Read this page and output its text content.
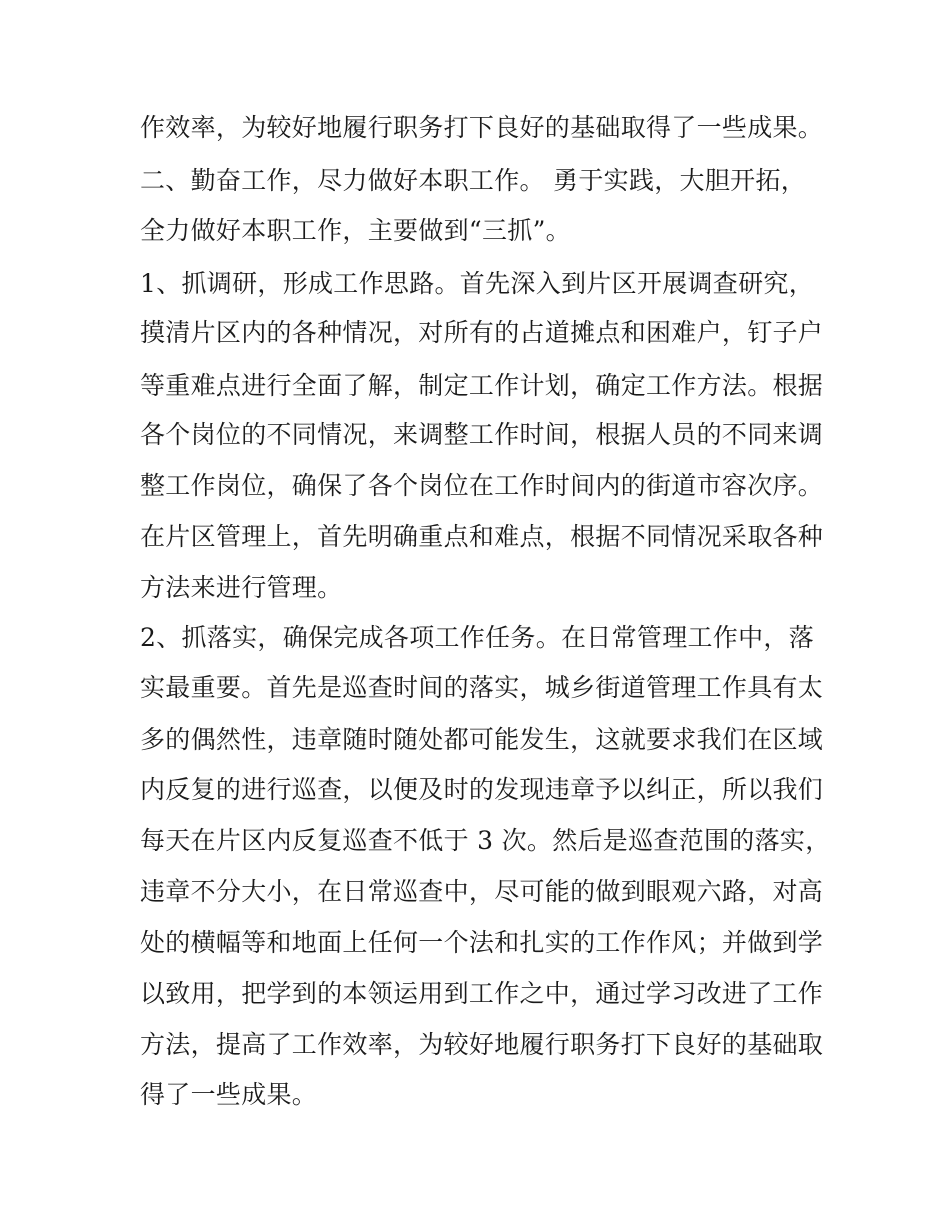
作效率，为较好地履行职务打下良好的基础取得了一些成果。
二、勤奋工作，尽力做好本职工作。 勇于实践，大胆开拓，
全力做好本职工作，主要做到“三抓”。
1、抓调研，形成工作思路。首先深入到片区开展调查研究，
摸清片区内的各种情况，对所有的占道摊点和困难户，钉子户
等重难点进行全面了解，制定工作计划，确定工作方法。根据
各个岗位的不同情况，来调整工作时间，根据人员的不同来调
整工作岗位，确保了各个岗位在工作时间内的街道市容次序。
在片区管理上，首先明确重点和难点，根据不同情况采取各种
方法来进行管理。
2、抓落实，确保完成各项工作任务。在日常管理工作中，落
实最重要。首先是巡查时间的落实，城乡街道管理工作具有太
多的偶然性，违章随时随处都可能发生，这就要求我们在区域
内反复的进行巡查，以便及时的发现违章予以纠正，所以我们
每天在片区内反复巡查不低于 3 次。然后是巡查范围的落实，
违章不分大小，在日常巡查中，尽可能的做到眼观六路，对高
处的横幅等和地面上任何一个法和扎实的工作作风；并做到学
以致用，把学到的本领运用到工作之中，通过学习改进了工作
方法，提高了工作效率，为较好地履行职务打下良好的基础取
得了一些成果。
